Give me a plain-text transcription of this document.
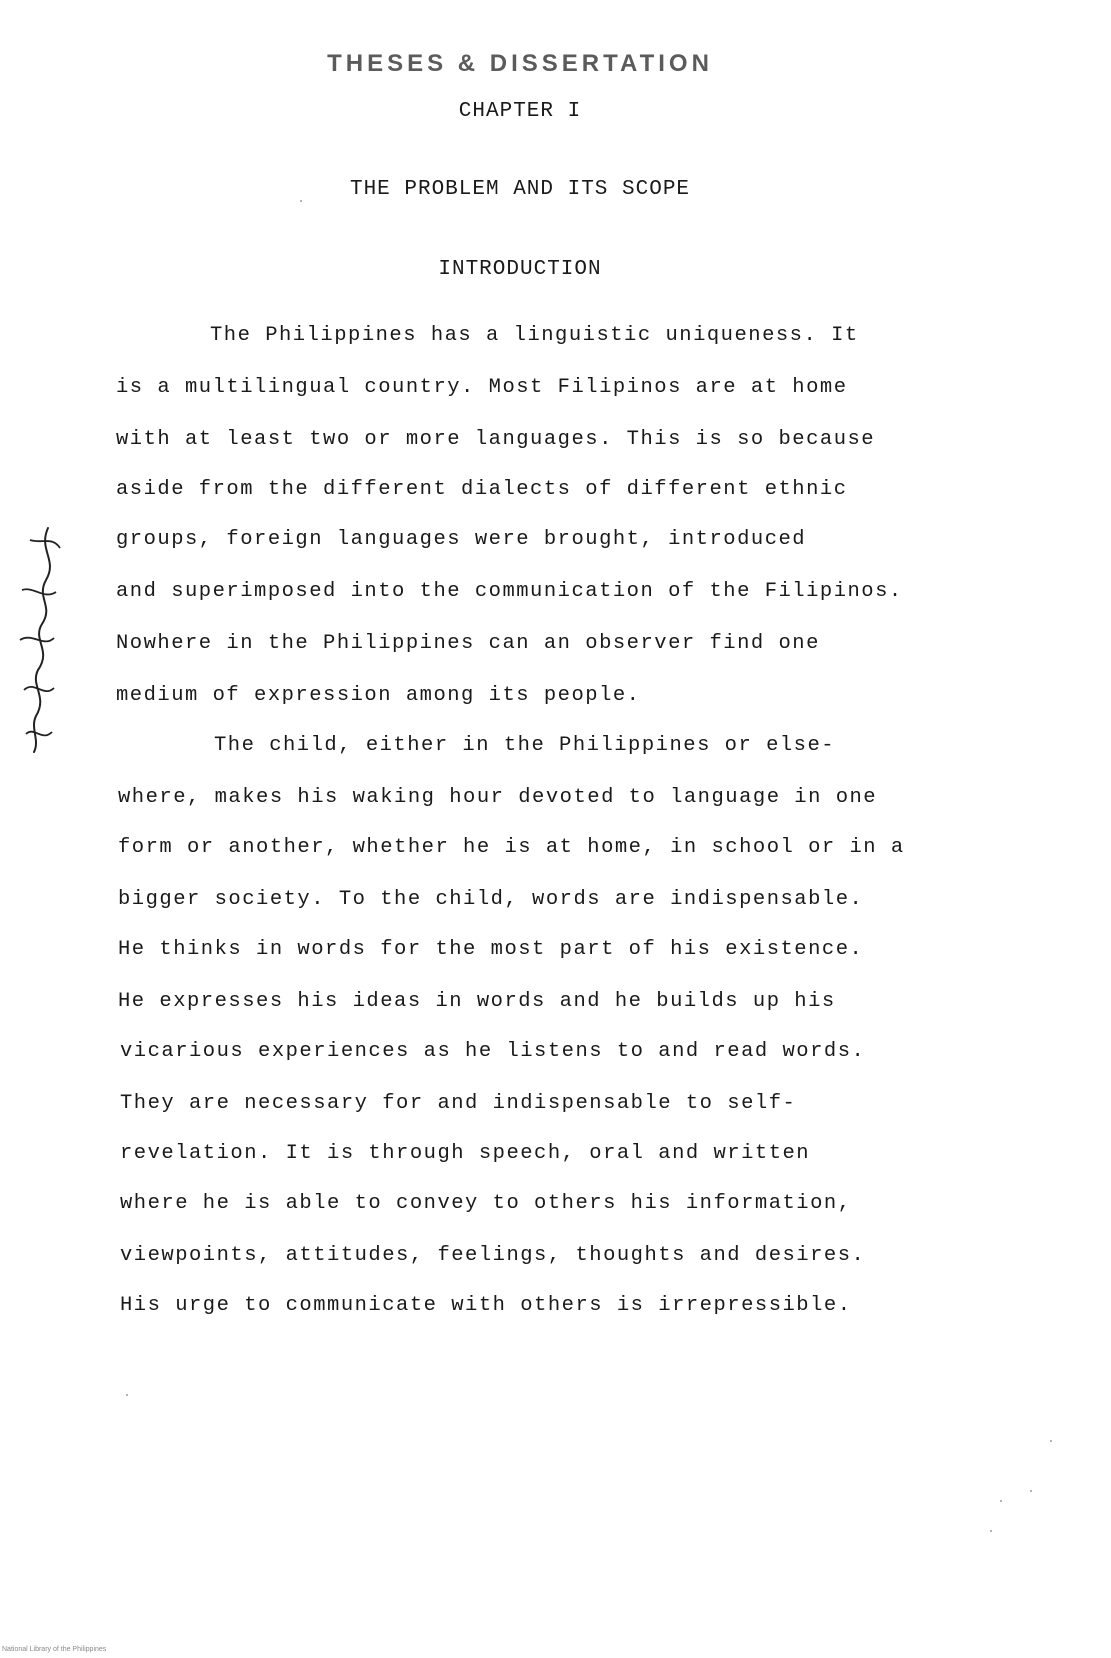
THESES & DISSERTATION
CHAPTER I
THE PROBLEM AND ITS SCOPE
INTRODUCTION
The Philippines has a linguistic uniqueness. It
is a multilingual country. Most Filipinos are at home
with at least two or more languages. This is so because
aside from the different dialects of different ethnic
groups, foreign languages were brought, introduced
and superimposed into the communication of the Filipinos.
Nowhere in the Philippines can an observer find one
medium of expression among its people.
The child, either in the Philippines or else-
where, makes his waking hour devoted to language in one
form or another, whether he is at home, in school or in a
bigger society. To the child, words are indispensable.
He thinks in words for the most part of his existence.
He expresses his ideas in words and he builds up his
vicarious experiences as he listens to and read words.
They are necessary for and indispensable to self-
revelation. It is through speech, oral and written
where he is able to convey to others his information,
viewpoints, attitudes, feelings, thoughts and desires.
His urge to communicate with others is irrepressible.
National Library of the Philippines
